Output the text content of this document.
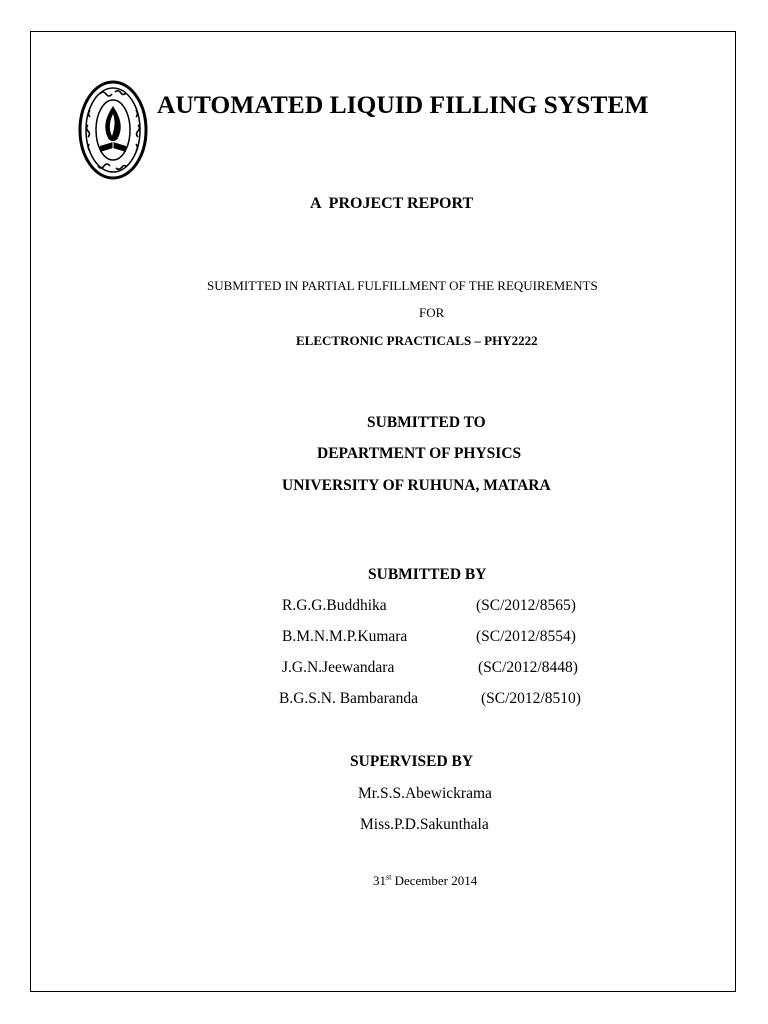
AUTOMATED LIQUID FILLING SYSTEM
A  PROJECT REPORT
SUBMITTED IN PARTIAL FULFILLMENT OF THE REQUIREMENTS
FOR
ELECTRONIC PRACTICALS – PHY2222
SUBMITTED TO
DEPARTMENT OF PHYSICS
UNIVERSITY OF RUHUNA, MATARA
SUBMITTED BY
R.G.G.Buddhika	(SC/2012/8565)
B.M.N.M.P.Kumara	(SC/2012/8554)
J.G.N.Jeewandara	(SC/2012/8448)
B.G.S.N. Bambaranda	(SC/2012/8510)
SUPERVISED BY
Mr.S.S.Abewickrama
Miss.P.D.Sakunthala
31st December 2014
